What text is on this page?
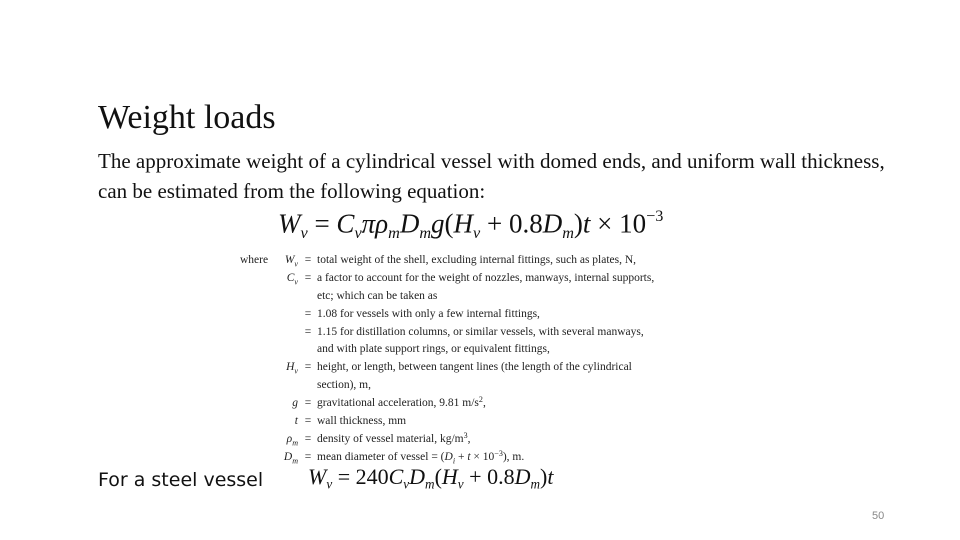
Weight loads
The approximate weight of a cylindrical vessel with domed ends, and uniform wall thickness, can be estimated from the following equation:
$W_v = C_v\pi\rho_mD_mg(H_v + 0.8D_m)t \times 10^{-3}$
where	$W_v$ = total weight of the shell, excluding internal fittings, such as plates, N,
$C_v = a$ factor to account for the weight of nozzles, manways, internal supports,
etc; which can be taken as
= 1.08 for vessels with only a few internal fittings,
= 1.15 for distillation columns, or similar vessels, with several manways,
and with plate support rings, or equivalent fittings,
$H_v$ = height, or length, between tangent lines (the length of the cylindrical
section), m,
g = gravitational acceleration, 9.81 $m/s^2$,
t = wall thickness, mm
$\rho_m$ = density of vessel material, $kg/m^3$,
$D_m$ = mean diameter of vessel = $(D_i + t \times 10^{-3})$, m.
For a steel vessel $W_v = 240C_vD_m(H_v + 0.8D_m)t$
50
